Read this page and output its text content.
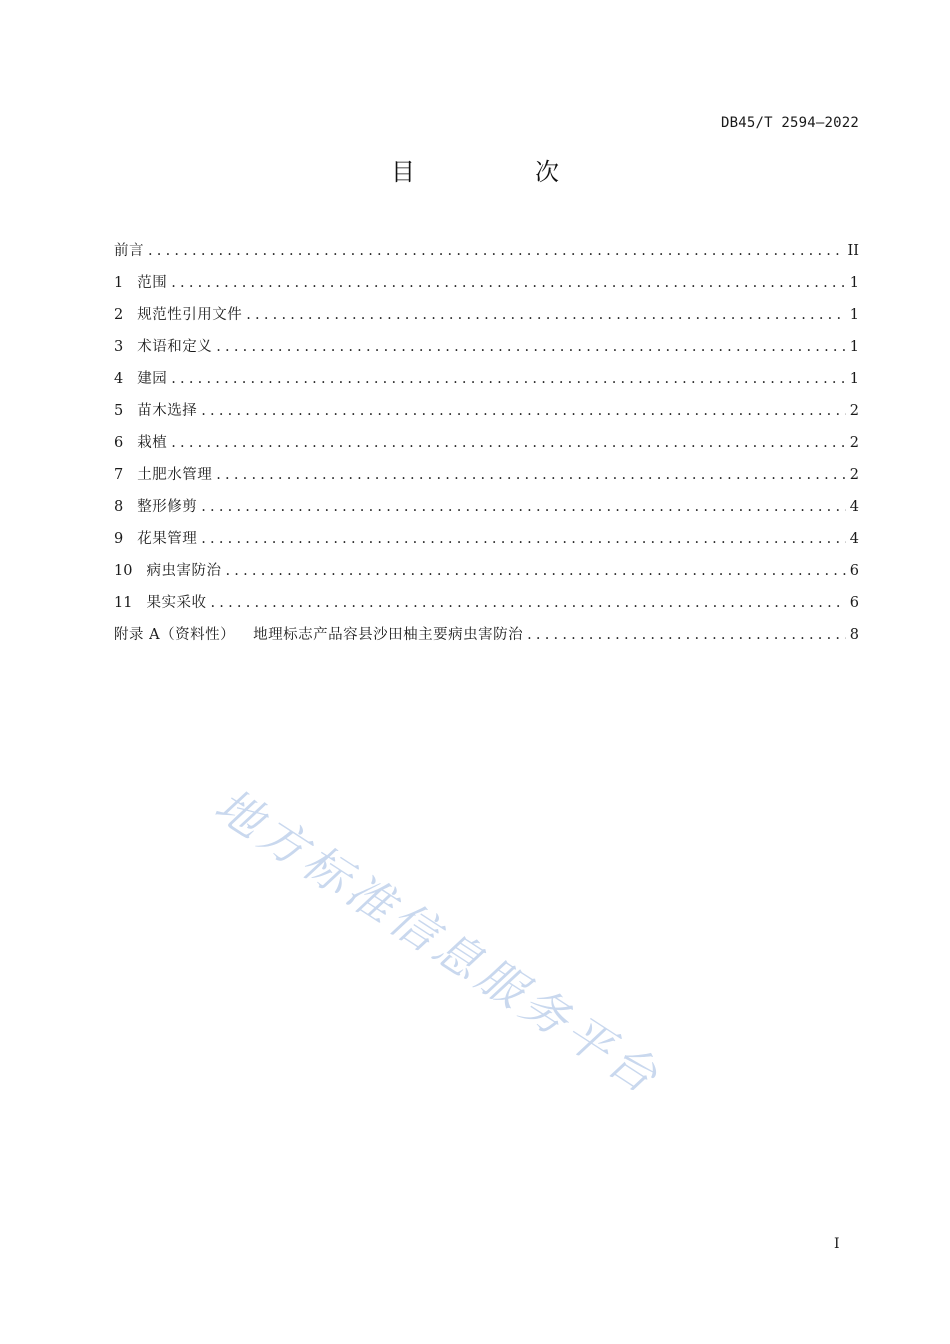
DB45/T 2594—2022
目　次
前言 .....	II
1 范围 .....	1
2 规范性引用文件 .....	1
3 术语和定义 .....	1
4 建园 .....	1
5 苗木选择 .....	2
6 栽植 .....	2
7 土肥水管理 .....	2
8 整形修剪 .....	4
9 花果管理 .....	4
10 病虫害防治 .....	6
11 果实采收 .....	6
附录 A（资料性） 地理标志产品容县沙田柚主要病虫害防治 .....	8
地方标准信息服务平台
I
